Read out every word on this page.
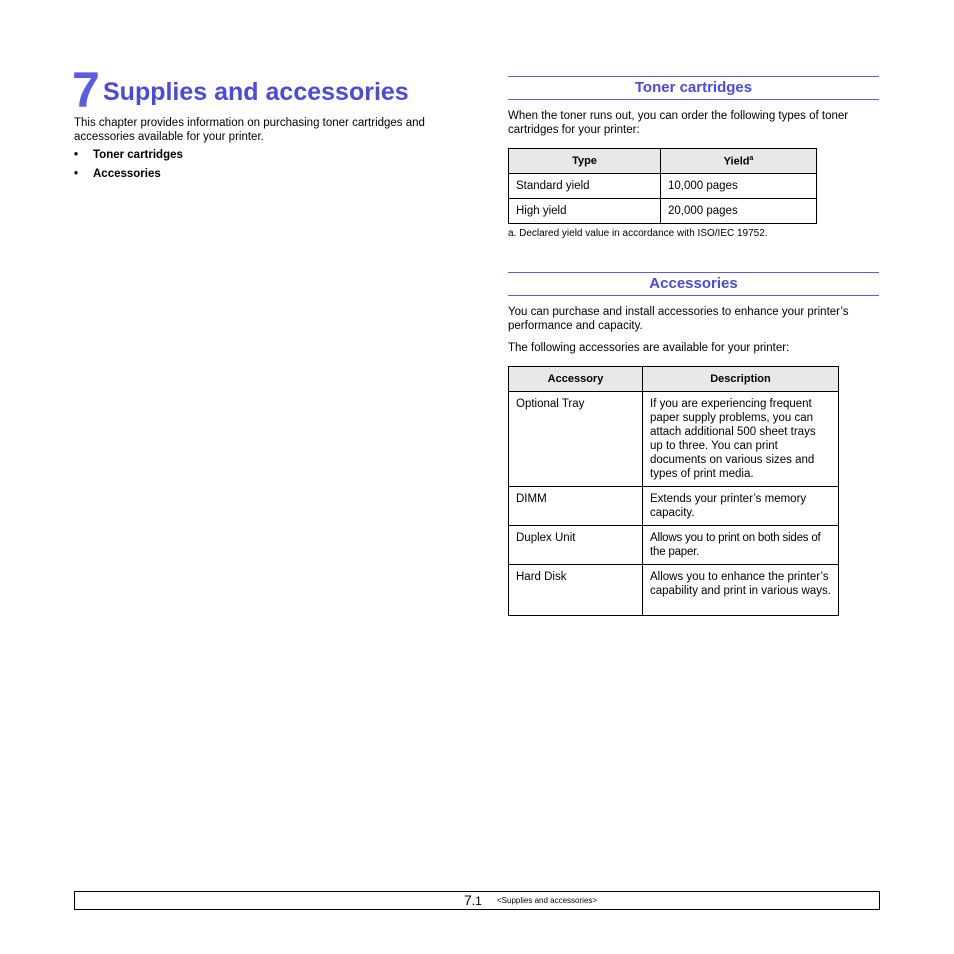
7 Supplies and accessories
This chapter provides information on purchasing toner cartridges and accessories available for your printer.
• Toner cartridges
• Accessories
Toner cartridges
When the toner runs out, you can order the following types of toner cartridges for your printer:
Type	Yield$^a$

Standard yield	10,000 pages

High yield	20,000 pages
a. Declared yield value in accordance with ISO/IEC 19752.
Accessories
You can purchase and install accessories to enhance your printer’s performance and capacity.
The following accessories are available for your printer:
Accessory	Description

Optional Tray	If you are experiencing frequent paper supply problems, you can attach additional 500 sheet trays up to three. You can print documents on various sizes and types of print media.

DIMM	Extends your printer’s memory capacity.

Duplex Unit	Allows you to print on both sides of the paper.

Hard Disk	Allows you to enhance the printer’s capability and print in various ways.
7.1 <Supplies and accessories>
